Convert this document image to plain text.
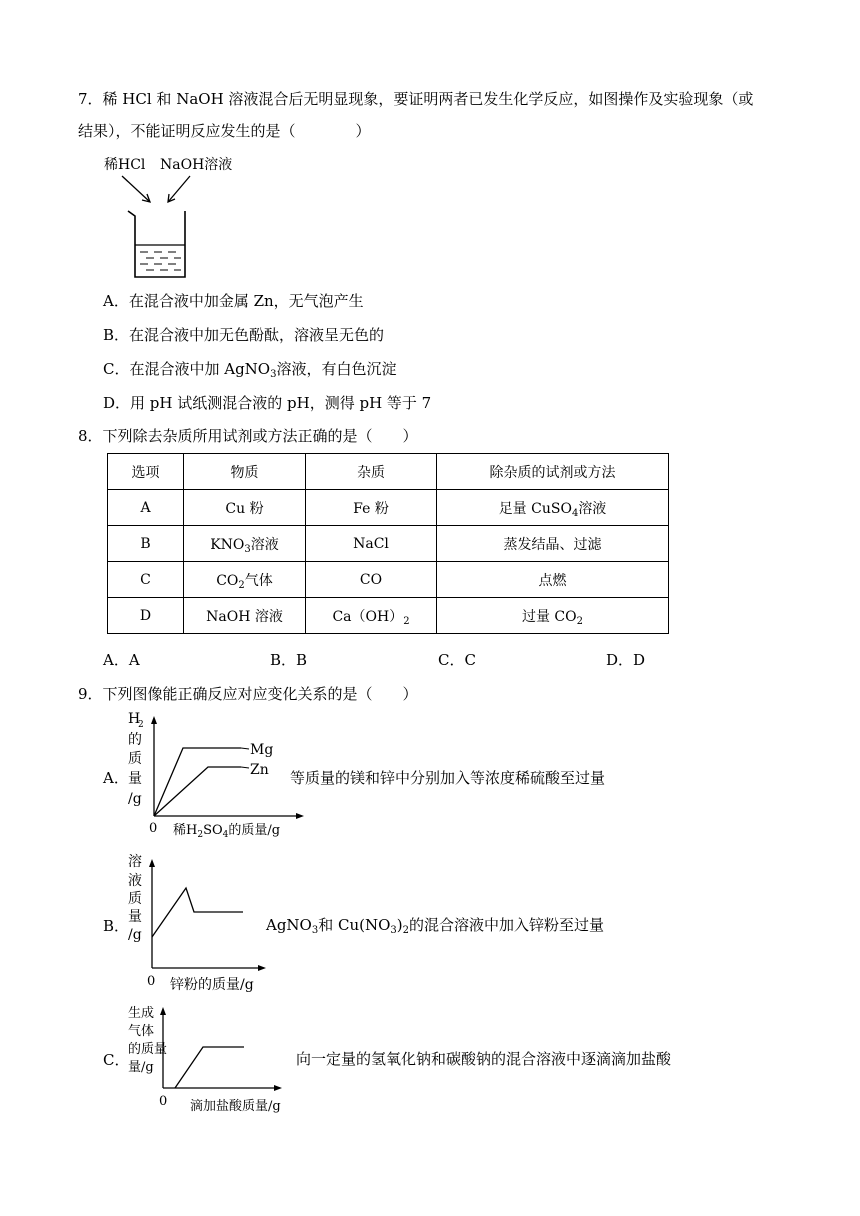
7．稀 HCl 和 NaOH 溶液混合后无明显现象，要证明两者已发生化学反应，如图操作及实验现象（或
结果），不能证明反应发生的是（　　　　）
稀HCl NaOH溶液
A．在混合液中加金属 Zn，无气泡产生
B．在混合液中加无色酚酞，溶液呈无色的
C．在混合液中加 AgNO$_3$溶液，有白色沉淀
D．用 pH 试纸测混合液的 pH，测得 pH 等于 7
8．下列除去杂质所用试剂或方法正确的是（　　）
选项	物质	杂质	除杂质的试剂或方法
A	Cu 粉	Fe 粉	足量 CuSO$_4$溶液
B	$KNO_3$溶液	NaCl	蒸发结晶、过滤
C	$CO_2$气体	CO	点燃
D	NaOH 溶液	$Ca(OH)_2$	过量 $CO_2$
A．A	B．B	C．C	D．D
9．下列图像能正确反应对应变化关系的是（　　）
A．
H
2
的
质
量
/g
0 稀$H_2SO_4$的质量/g
Mg
Zn 等质量的镁和锌中分别加入等浓度稀硫酸至过量
B．
溶
液
质
量
/g
0 锌粉的质量/g
AgNO$_3$和 $Cu(NO_3)_2$的混合溶液中加入锌粉至过量
C．
生成
气体
的质量
量/g
0 滴加盐酸质量/g
向一定量的氢氧化钠和碳酸钠的混合溶液中逐滴滴加盐酸
